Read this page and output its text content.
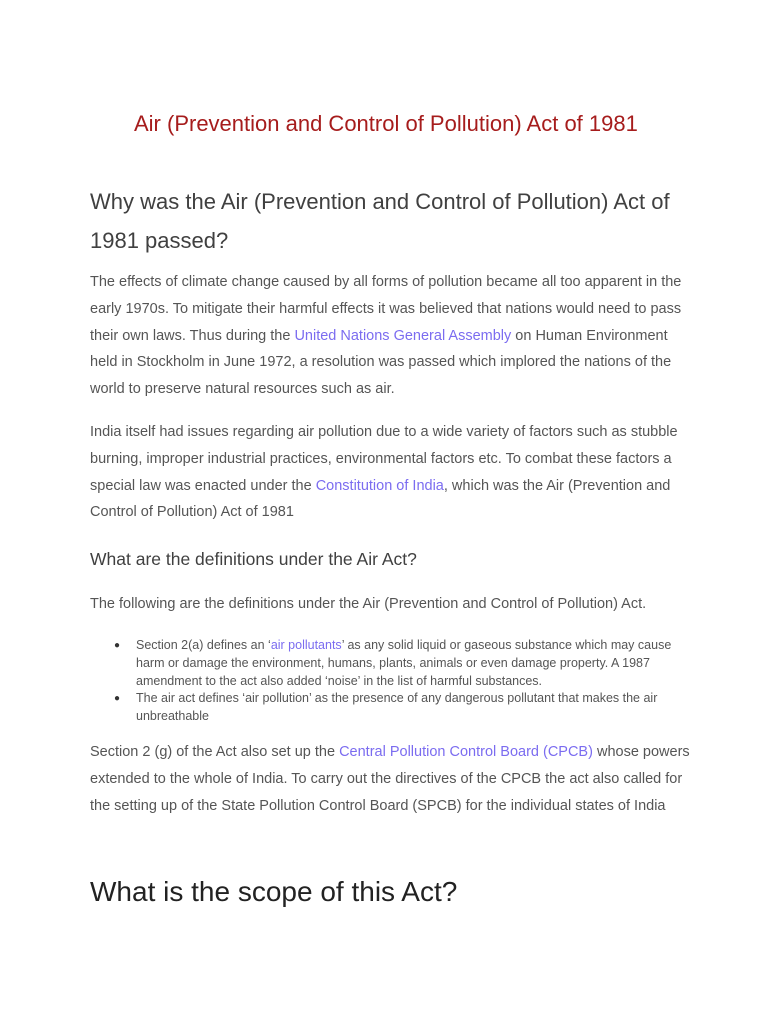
Air (Prevention and Control of Pollution) Act of 1981
Why was the Air (Prevention and Control of Pollution) Act of 1981 passed?

The effects of climate change caused by all forms of pollution became all too apparent in the early 1970s. To mitigate their harmful effects it was believed that nations would need to pass their own laws. Thus during the United Nations General Assembly on Human Environment held in Stockholm in June 1972, a resolution was passed which implored the nations of the world to preserve natural resources such as air.

India itself had issues regarding air pollution due to a wide variety of factors such as stubble burning, improper industrial practices, environmental factors etc. To combat these factors a special law was enacted under the Constitution of India, which was the Air (Prevention and Control of Pollution) Act of 1981

What are the definitions under the Air Act?

The following are the definitions under the Air (Prevention and Control of Pollution) Act.

● Section 2(a) defines an ‘air pollutants’ as any solid liquid or gaseous substance which may cause harm or damage the environment, humans, plants, animals or even damage property. A 1987 amendment to the act also added ‘noise’ in the list of harmful substances.
● The air act defines ‘air pollution’ as the presence of any dangerous pollutant that makes the air unbreathable

Section 2 (g) of the Act also set up the Central Pollution Control Board (CPCB) whose powers extended to the whole of India. To carry out the directives of the CPCB the act also called for the setting up of the State Pollution Control Board (SPCB) for the individual states of India

What is the scope of this Act?
